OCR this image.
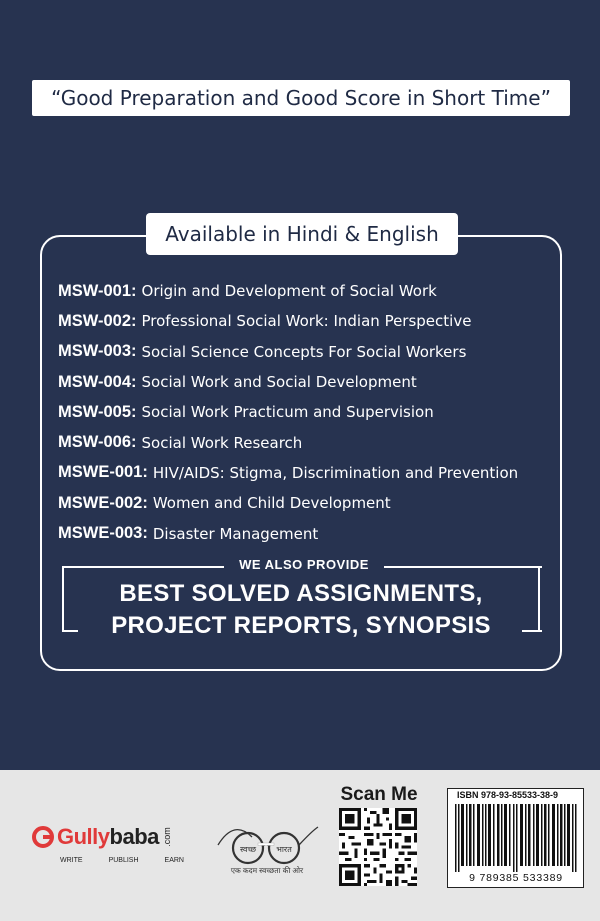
“Good Preparation and Good Score in Short Time”
Available in Hindi & English
MSW-001: Origin and Development of Social Work
MSW-002: Professional Social Work: Indian Perspective
MSW-003: Social Science Concepts For Social Workers
MSW-004: Social Work and Social Development
MSW-005: Social Work Practicum and Supervision
MSW-006: Social Work Research
MSWE-001: HIV/AIDS: Stigma, Discrimination and Prevention
MSWE-002: Women and Child Development
MSWE-003: Disaster Management
WE ALSO PROVIDE
BEST SOLVED ASSIGNMENTS,
PROJECT REPORTS, SYNOPSIS
Gullybaba .com
WRITE	PUBLISH	EARN
स्वच्छ	भारत
एक कदम स्वच्छता की ओर
Scan Me	ISBN 978-93-85533-38-9
9 789385 533389
